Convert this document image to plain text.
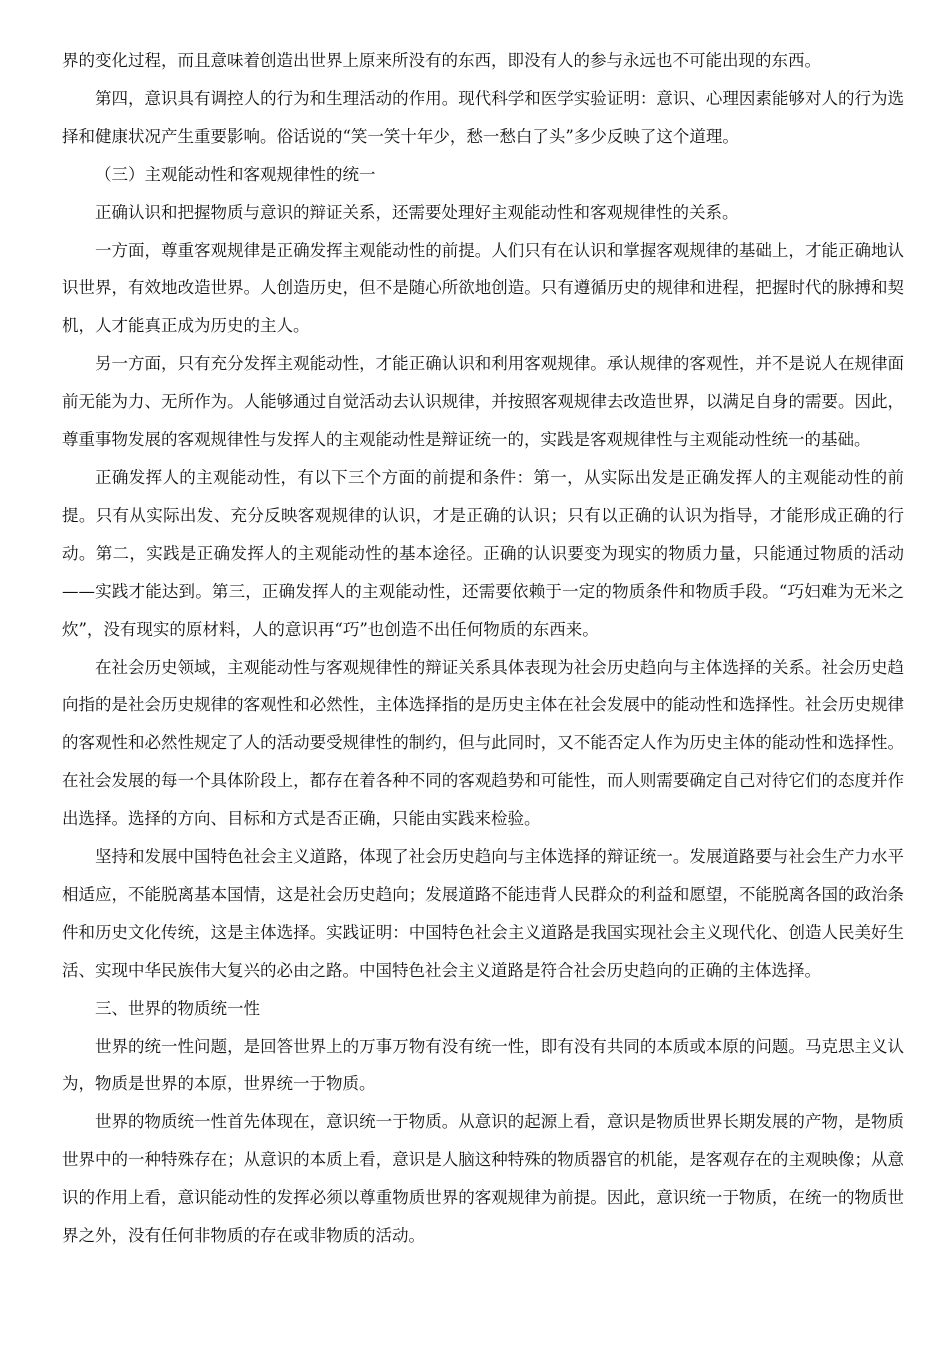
界的变化过程，而且意味着创造出世界上原来所没有的东西，即没有人的参与永远也不可能出现的东西。

第四，意识具有调控人的行为和生理活动的作用。现代科学和医学实验证明：意识、心理因素能够对人的行为选择和健康状况产生重要影响。俗话说的“笑一笑十年少，愁一愁白了头”多少反映了这个道理。

（三）主观能动性和客观规律性的统一

正确认识和把握物质与意识的辩证关系，还需要处理好主观能动性和客观规律性的关系。

一方面，尊重客观规律是正确发挥主观能动性的前提。人们只有在认识和掌握客观规律的基础上，才能正确地认识世界，有效地改造世界。人创造历史，但不是随心所欲地创造。只有遵循历史的规律和进程，把握时代的脉搏和契机，人才能真正成为历史的主人。

另一方面，只有充分发挥主观能动性，才能正确认识和利用客观规律。承认规律的客观性，并不是说人在规律面前无能为力、无所作为。人能够通过自觉活动去认识规律，并按照客观规律去改造世界，以满足自身的需要。因此，尊重事物发展的客观规律性与发挥人的主观能动性是辩证统一的，实践是客观规律性与主观能动性统一的基础。

正确发挥人的主观能动性，有以下三个方面的前提和条件：第一，从实际出发是正确发挥人的主观能动性的前提。只有从实际出发、充分反映客观规律的认识，才是正确的认识；只有以正确的认识为指导，才能形成正确的行动。第二，实践是正确发挥人的主观能动性的基本途径。正确的认识要变为现实的物质力量，只能通过物质的活动——实践才能达到。第三，正确发挥人的主观能动性，还需要依赖于一定的物质条件和物质手段。“巧妇难为无米之炊”，没有现实的原材料，人的意识再“巧”也创造不出任何物质的东西来。

在社会历史领域，主观能动性与客观规律性的辩证关系具体表现为社会历史趋向与主体选择的关系。社会历史趋向指的是社会历史规律的客观性和必然性，主体选择指的是历史主体在社会发展中的能动性和选择性。社会历史规律的客观性和必然性规定了人的活动要受规律性的制约，但与此同时，又不能否定人作为历史主体的能动性和选择性。在社会发展的每一个具体阶段上，都存在着各种不同的客观趋势和可能性，而人则需要确定自己对待它们的态度并作出选择。选择的方向、目标和方式是否正确，只能由实践来检验。

坚持和发展中国特色社会主义道路，体现了社会历史趋向与主体选择的辩证统一。发展道路要与社会生产力水平相适应，不能脱离基本国情，这是社会历史趋向；发展道路不能违背人民群众的利益和愿望，不能脱离各国的政治条件和历史文化传统，这是主体选择。实践证明：中国特色社会主义道路是我国实现社会主义现代化、创造人民美好生活、实现中华民族伟大复兴的必由之路。中国特色社会主义道路是符合社会历史趋向的正确的主体选择。

三、世界的物质统一性

世界的统一性问题，是回答世界上的万事万物有没有统一性，即有没有共同的本质或本原的问题。马克思主义认为，物质是世界的本原，世界统一于物质。

世界的物质统一性首先体现在，意识统一于物质。从意识的起源上看，意识是物质世界长期发展的产物，是物质世界中的一种特殊存在；从意识的本质上看，意识是人脑这种特殊的物质器官的机能，是客观存在的主观映像；从意识的作用上看，意识能动性的发挥必须以尊重物质世界的客观规律为前提。因此，意识统一于物质，在统一的物质世界之外，没有任何非物质的存在或非物质的活动。
